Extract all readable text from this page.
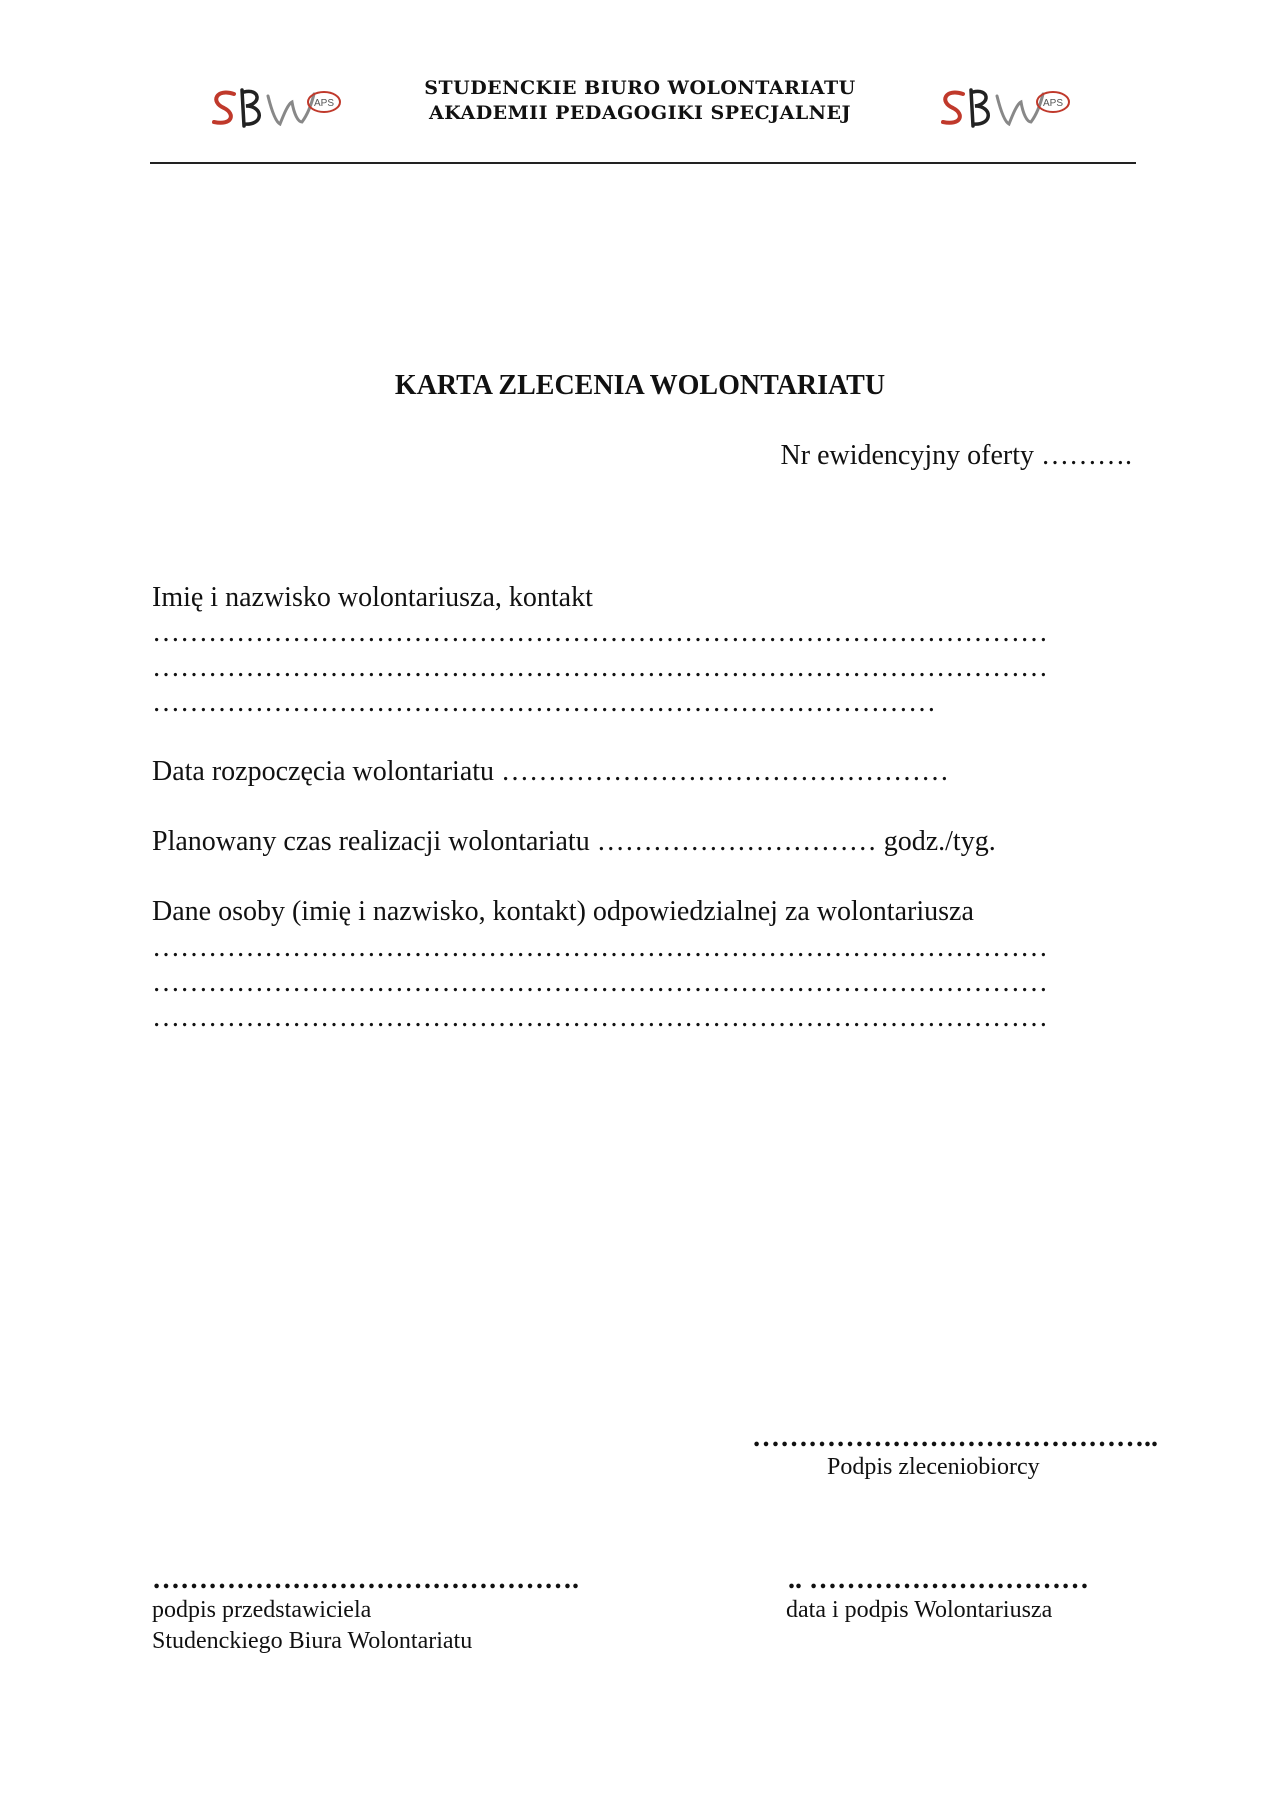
APS
STUDENCKIE BIURO WOLONTARIATU
AKADEMII PEDAGOGIKI SPECJALNEJ	APS
KARTA ZLECENIA WOLONTARIATU
Nr ewidencyjny oferty ……….
Imię i nazwisko wolontariusza, kontakt
……………………………………………………………………………………
……………………………………………………………………………………
…………………………………………………………………………
Data rozpoczęcia wolontariatu …………………………………………
Planowany czas realizacji wolontariatu ………………………… godz./tyg.
Dane osoby (imię i nazwisko, kontakt) odpowiedzialnej za wolontariusza
……………………………………………………………………………………
……………………………………………………………………………………
……………………………………………………………………………………
……………………………………..
Podpis zleceniobiorcy
……………………………………….
podpis przedstawiciela
Studenckiego Biura Wolontariatu
.. …………………………
data i podpis Wolontariusza
